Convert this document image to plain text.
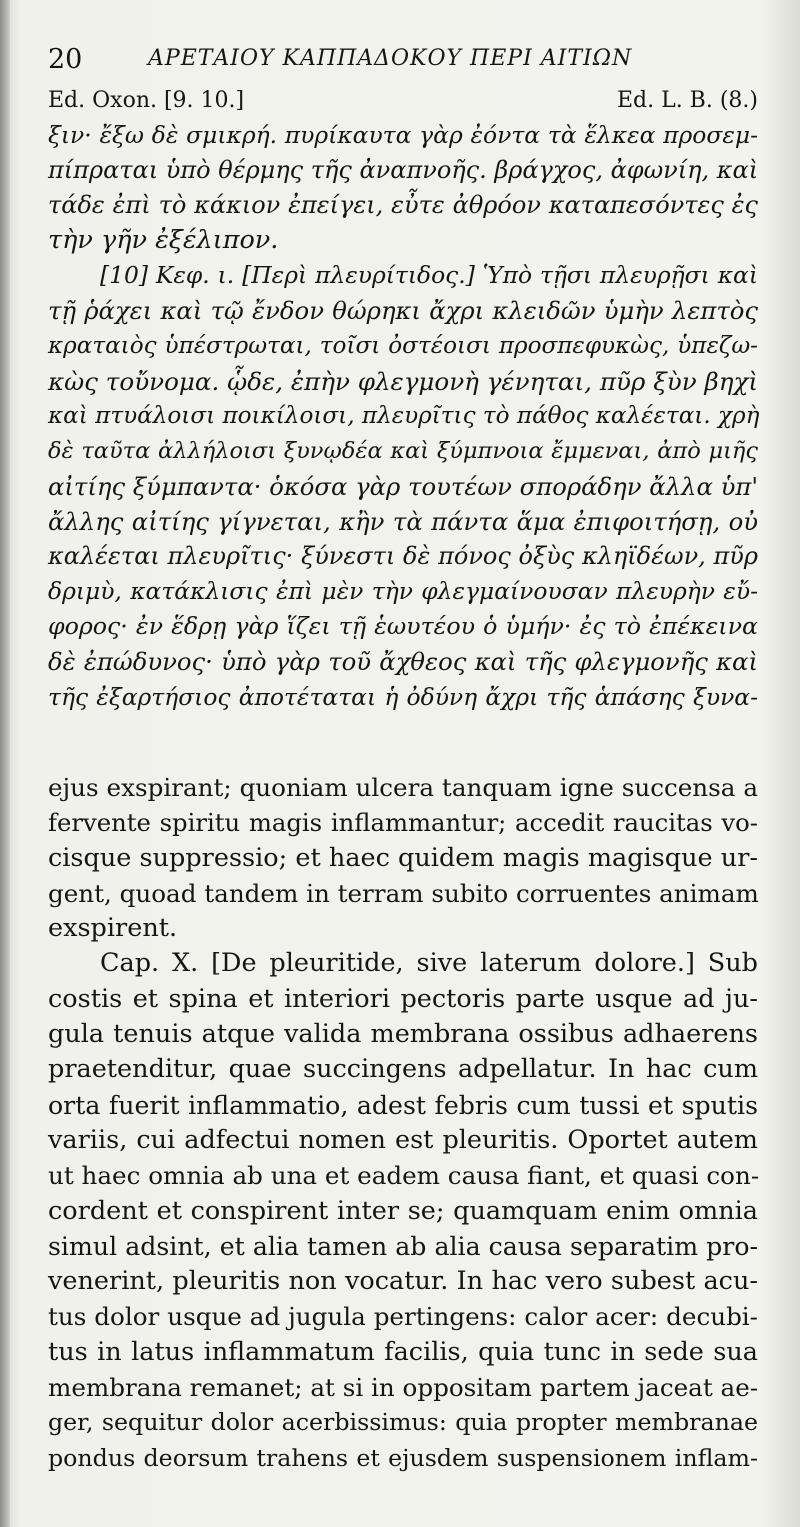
20	ΑΡΕΤΑΙΟΥ ΚΑΠΠΑΔΟΚΟΥ ΠΕΡΙ ΑΙΤΙΩΝ
Ed. Oxon. [9. 10.]	Ed. L. B. (8.)
ξιν· ἔξω δὲ σμικρή. πυρίκαυτα γὰρ ἐόντα τὰ ἕλκεα προσεμ-
πίπραται ὑπὸ θέρμης τῆς ἀναπνοῆς. βράγχος, ἀφωνίη, καὶ
τάδε ἐπὶ τὸ κάκιον ἐπείγει, εὖτε ἀθρόον καταπεσόντες ἐς
τὴν γῆν ἐξέλιπον.
[10] Κεφ. ι. [Περὶ πλευρίτιδος.] Ὑπὸ τῇσι πλευρῇσι καὶ
τῇ ῥάχει καὶ τῷ ἔνδον θώρηκι ἄχρι κλειδῶν ὑμὴν λεπτὸς
κραταιὸς ὑπέστρωται, τοῖσι ὀστέοισι προσπεφυκὼς, ὑπεζω-
κὼς τοὔνομα. ᾧδε, ἐπὴν φλεγμονὴ γένηται, πῦρ ξὺν βηχὶ
καὶ πτυάλοισι ποικίλοισι, πλευρῖτις τὸ πάθος καλέεται. χρὴ
δὲ ταῦτα ἀλλήλοισι ξυνῳδέα καὶ ξύμπνοια ἔμμεναι, ἀπὸ μιῆς
αἰτίης ξύμπαντα· ὁκόσα γὰρ τουτέων σποράδην ἄλλα ὑπ'
ἄλλης αἰτίης γίγνεται, κἢν τὰ πάντα ἅμα ἐπιφοιτήσῃ, οὐ
καλέεται πλευρῖτις· ξύνεστι δὲ πόνος ὀξὺς κληϊδέων, πῦρ
δριμὺ, κατάκλισις ἐπὶ μὲν τὴν φλεγμαίνουσαν πλευρὴν εὔ-
φορος· ἐν ἕδρῃ γὰρ ἵζει τῇ ἑωυτέου ὁ ὑμήν· ἐς τὸ ἐπέκεινα
δὲ ἐπώδυνος· ὑπὸ γὰρ τοῦ ἄχθεος καὶ τῆς φλεγμονῆς καὶ
τῆς ἐξαρτήσιος ἀποτέταται ἡ ὀδύνη ἄχρι τῆς ἁπάσης ξυνα-
ejus exspirant; quoniam ulcera tanquam igne succensa a
fervente spiritu magis inflammantur; accedit raucitas vo-
cisque suppressio; et haec quidem magis magisque ur-
gent, quoad tandem in terram subito corruentes animam
exspirent.
Cap. X. [De pleuritide, sive laterum dolore.] Sub
costis et spina et interiori pectoris parte usque ad ju-
gula tenuis atque valida membrana ossibus adhaerens
praetenditur, quae succingens adpellatur. In hac cum
orta fuerit inflammatio, adest febris cum tussi et sputis
variis, cui adfectui nomen est pleuritis. Oportet autem
ut haec omnia ab una et eadem causa fiant, et quasi con-
cordent et conspirent inter se; quamquam enim omnia
simul adsint, et alia tamen ab alia causa separatim pro-
venerint, pleuritis non vocatur. In hac vero subest acu-
tus dolor usque ad jugula pertingens: calor acer: decubi-
tus in latus inflammatum facilis, quia tunc in sede sua
membrana remanet; at si in oppositam partem jaceat ae-
ger, sequitur dolor acerbissimus: quia propter membranae
pondus deorsum trahens et ejusdem suspensionem inflam-
